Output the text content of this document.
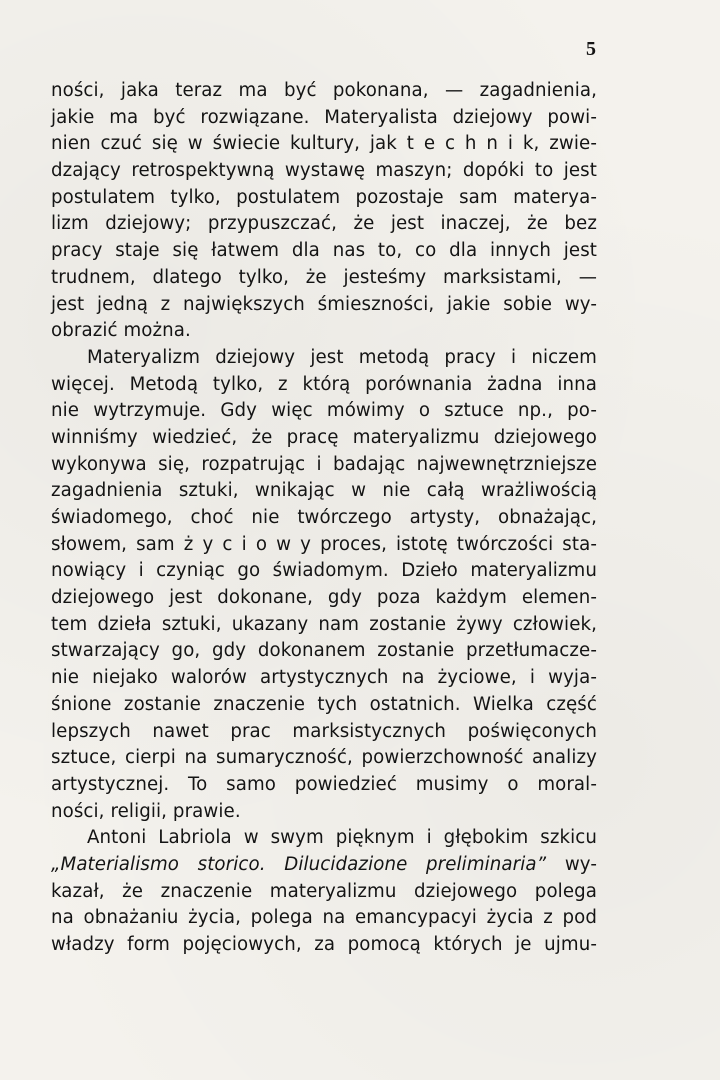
5
ności, jaka teraz ma być pokonana, — zagadnienia,
jakie ma być rozwiązane. Materyalista dziejowy powi-
nien czuć się w świecie kultury, jak t e c h n i k, zwie-
dzający retrospektywną wystawę maszyn; dopóki to jest
postulatem tylko, postulatem pozostaje sam materya-
lizm dziejowy; przypuszczać, że jest inaczej, że bez
pracy staje się łatwem dla nas to, co dla innych jest
trudnem, dlatego tylko, że jesteśmy marksistami, —
jest jedną z największych śmieszności, jakie sobie wy-
obrazić można.
Materyalizm dziejowy jest metodą pracy i niczem
więcej. Metodą tylko, z którą porównania żadna inna
nie wytrzymuje. Gdy więc mówimy o sztuce np., po-
winniśmy wiedzieć, że pracę materyalizmu dziejowego
wykonywa się, rozpatrując i badając najwewnętrzniejsze
zagadnienia sztuki, wnikając w nie całą wrażliwością
świadomego, choć nie twórczego artysty, obnażając,
słowem, sam ż y c i o w y proces, istotę twórczości sta-
nowiący i czyniąc go świadomym. Dzieło materyalizmu
dziejowego jest dokonane, gdy poza każdym elemen-
tem dzieła sztuki, ukazany nam zostanie żywy człowiek,
stwarzający go, gdy dokonanem zostanie przetłumacze-
nie niejako walorów artystycznych na życiowe, i wyja-
śnione zostanie znaczenie tych ostatnich. Wielka część
lepszych nawet prac marksistycznych poświęconych
sztuce, cierpi na sumaryczność, powierzchowność analizy
artystycznej. To samo powiedzieć musimy o moral-
ności, religii, prawie.
Antoni Labriola w swym pięknym i głębokim szkicu
„Materialismo storico. Dilucidazione preliminaria” wy-
kazał, że znaczenie materyalizmu dziejowego polega
na obnażaniu życia, polega na emancypacyi życia z pod
władzy form pojęciowych, za pomocą których je ujmu-
